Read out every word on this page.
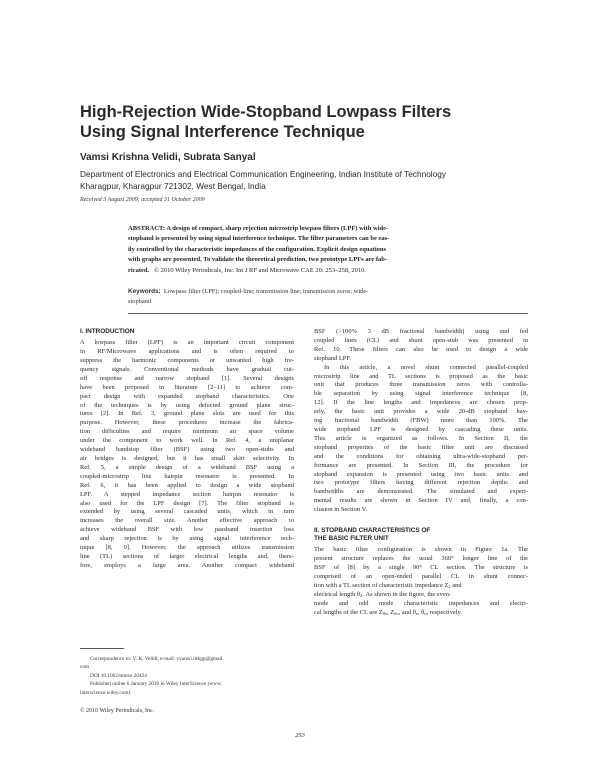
High-Rejection Wide-Stopband Lowpass Filters
Using Signal Interference Technique
Vamsi Krishna Velidi, Subrata Sanyal
Department of Electronics and Electrical Communication Engineering, Indian Institute of Technology
Kharagpur, Kharagpur 721302, West Bengal, India
Received 3 August 2009; accepted 31 October 2009
ABSTRACT: A design of compact, sharp rejection microstrip lowpass filters (LPF) with wide-
stopband is presented by using signal interference technique. The filter parameters can be eas-
ily controlled by the characteristic impedances of the configuration. Explicit design equations
with graphs are presented. To validate the theoretical prediction, two prototype LPFs are fab-
ricated. © 2010 Wiley Periodicals, Inc. Int J RF and Microwave CAE 20: 253–258, 2010.
Keywords: Lowpass filter (LPF); coupled-line; transmission line; transmission zeros; wide-
stopband
I. INTRODUCTION
A lowpass filter (LPF) is an important circuit component
in RF/Microwave applications and is often required to
suppress the harmonic components or unwanted high fre-
quency signals. Conventional methods have gradual cut-
off response and narrow stopband [1]. Several designs
have been proposed in literature [2–11] to achieve com-
pact design with expanded stopband characteristics. One
of the techniques is by using defected ground plane struc-
tures [2]. In Ref. 3, ground plane slots are used for this
purpose. However, these procedures increase the fabrica-
tion difficulties and require minimum air space volume
under the component to work well. In Ref. 4, a uniplanar
wideband bandstop filter (BSF) using two open-stubs and
air bridges is designed, but it has small skirt selectivity. In
Ref. 5, a simple design of a wideband BSF using a
coupled-microstrip line hairpin resonator is presented. In
Ref. 6, it has been applied to design a wide stopband
LPF. A stepped impedance section hairpin resonator is
also used for the LPF design [7]. The filter stopband is
extended by using several cascaded units, which in turn
increases the overall size. Another effective approach to
achieve wideband BSF with low passband insertion loss
and sharp rejection is by using signal interference tech-
nique [8, 9]. However, the approach utilizes transmission
line (TL) sections of larger electrical lengths and, there-
fore, employs a large area. Another compact wideband
Correspondence to: V. K. Velidi; e-mail: vvamsi.iitkgp@gmail.
com
DOI 10.1002/mmce.20424
Published online 6 January 2010 in Wiley InterScience (www.
interscience.wiley.com).
© 2010 Wiley Periodicals, Inc.
BSF (>100% 3 dB fractional bandwidth) using end fed
coupled lines (CL) and shunt open-stub was presented in
Ref. 10. These filters can also be used to design a wide
stopband LPF.
In this article, a novel shunt connected parallel-coupled
microstrip line and TL sections is proposed as the basic
unit that produces three transmission zeros with controlla-
ble separation by using signal interference technique [8,
12]. If the line lengths and impedances are chosen prop-
erly, the basic unit provides a wide 20-dB stopband hav-
ing fractional bandwidth (FBW) more than 100%. The
wide stopband LPF is designed by cascading these units.
This article is organized as follows. In Section II, the
stopband properties of the basic filter unit are discussed
and the conditions for obtaining ultra-wide-stopband per-
formance are presented. In Section III, the procedure for
stopband expansion is presented using two basic units and
two prototype filters having different rejection depths and
bandwidths are demonstrated. The simulated and experi-
mental results are shown in Section IV and, finally, a con-
clusion in Section V.
II. STOPBAND CHARACTERISTICS OF
THE BASIC FILTER UNIT
The basic filter configuration is shown in Figure 1a. The
present structure replaces the usual 360° longer line of the
BSF of [8] by a single 90° CL section. The structure is
comprised of an open-ended parallel CL in shunt connec-
tion with a TL section of characteristic impedance $Z_2$ and
electrical length $\theta_2$. As shown in the figure, the even-
mode and odd mode characteristic impedances and electri-
cal lengths of the CL are $Z_{0e}$, $Z_{0o}$, and $\theta_e$, $\theta_o$, respectively.
253
